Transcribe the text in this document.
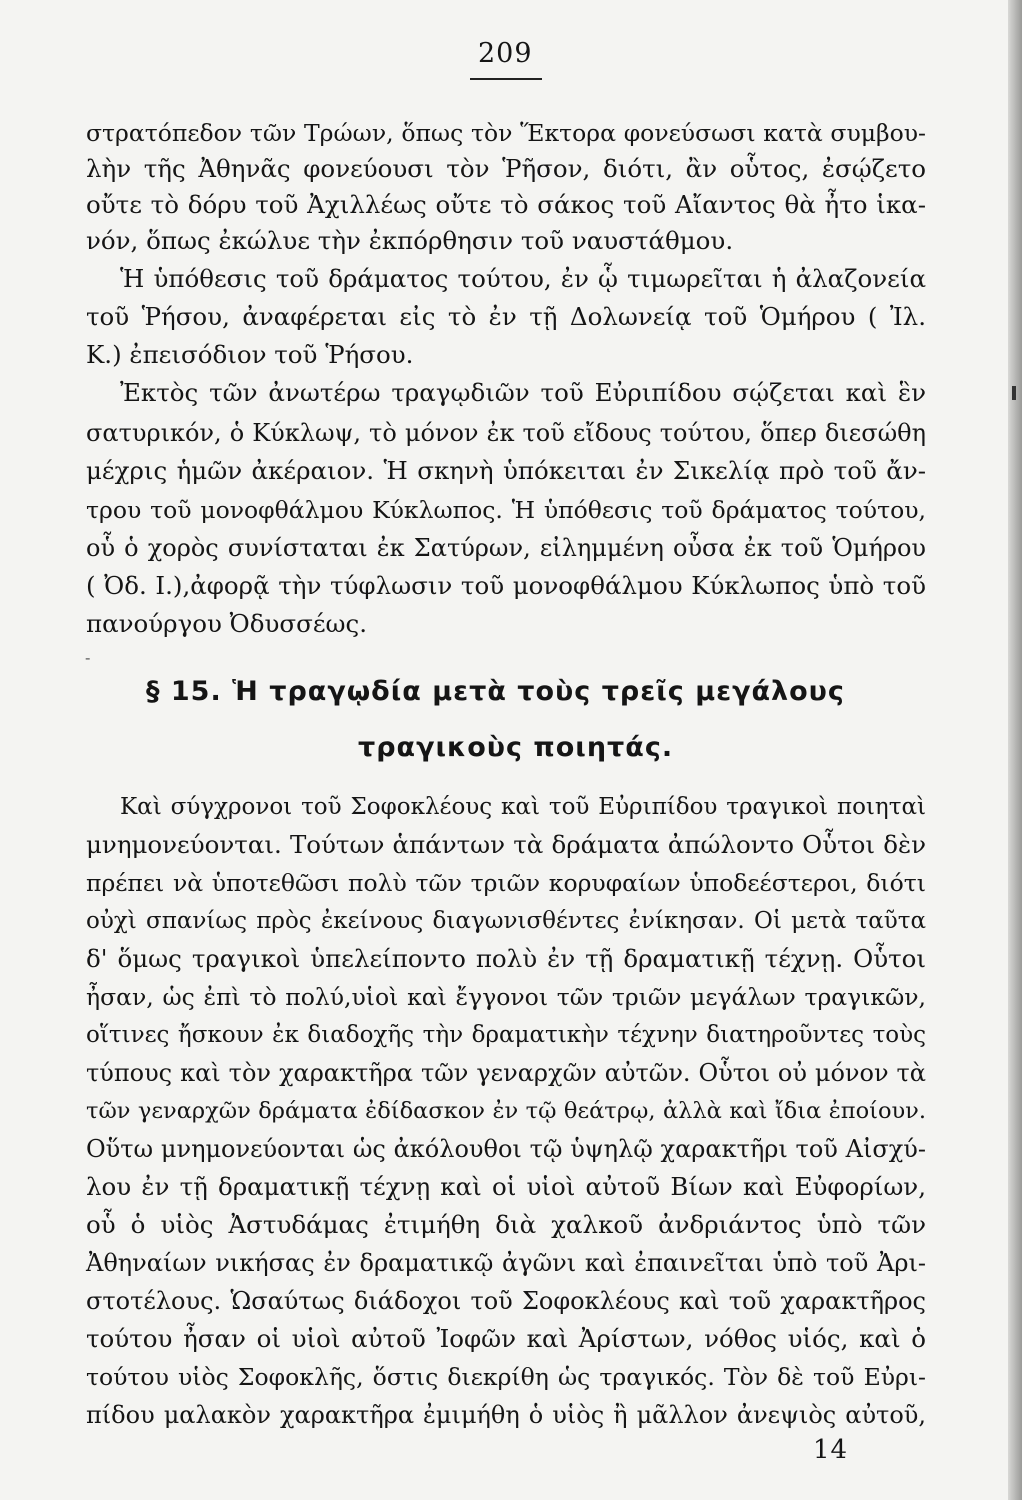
209
στρατόπεδον τῶν Τρώων, ὅπως τὸν Ἕκτορα φονεύσωσι κατὰ συμβου-
λὴν τῆς Ἀθηνᾶς φονεύουσι τὸν Ῥῆσον, διότι, ἂν οὗτος, ἐσῴζετο
οὔτε τὸ δόρυ τοῦ Ἀχιλλέως οὔτε τὸ σάκος τοῦ Αἴαντος θὰ ἦτο ἱκα-
νόν, ὅπως ἐκώλυε τὴν ἐκπόρθησιν τοῦ ναυστάθμου.
Ἡ ὑπόθεσις τοῦ δράματος τούτου, ἐν ᾧ τιμωρεῖται ἡ ἀλαζονεία
τοῦ Ῥήσου, ἀναφέρεται εἰς τὸ ἐν τῇ Δολωνείᾳ τοῦ Ὁμήρου ( Ἰλ.
Κ.) ἐπεισόδιον τοῦ Ῥήσου.
Ἐκτὸς τῶν ἀνωτέρω τραγῳδιῶν τοῦ Εὐριπίδου σῴζεται καὶ ἓν
σατυρικόν, ὁ Κύκλωψ, τὸ μόνον ἐκ τοῦ εἴδους τούτου, ὅπερ διεσώθη
μέχρις ἡμῶν ἀκέραιον. Ἡ σκηνὴ ὑπόκειται ἐν Σικελίᾳ πρὸ τοῦ ἄν-
τρου τοῦ μονοφθάλμου Κύκλωπος. Ἡ ὑπόθεσις τοῦ δράματος τούτου,
οὗ ὁ χορὸς συνίσταται ἐκ Σατύρων, εἰλημμένη οὖσα ἐκ τοῦ Ὁμήρου
( Ὀδ. Ι.),ἀφορᾷ τὴν τύφλωσιν τοῦ μονοφθάλμου Κύκλωπος ὑπὸ τοῦ
πανούργου Ὀδυσσέως.
-
§ 15. Ἡ τραγῳδία μετὰ τοὺς τρεῖς μεγάλους
τραγικοὺς ποιητάς.
Καὶ σύγχρονοι τοῦ Σοφοκλέους καὶ τοῦ Εὐριπίδου τραγικοὶ ποιηταὶ
μνημονεύονται. Τούτων ἁπάντων τὰ δράματα ἀπώλοντο Οὗτοι δὲν
πρέπει νὰ ὑποτεθῶσι πολὺ τῶν τριῶν κορυφαίων ὑποδεέστεροι, διότι
οὐχὶ σπανίως πρὸς ἐκείνους διαγωνισθέντες ἐνίκησαν. Οἱ μετὰ ταῦτα
δ' ὅμως τραγικοὶ ὑπελείποντο πολὺ ἐν τῇ δραματικῇ τέχνῃ. Οὗτοι
ἦσαν, ὡς ἐπὶ τὸ πολύ,υἱοὶ καὶ ἔγγονοι τῶν τριῶν μεγάλων τραγικῶν,
οἵτινες ἤσκουν ἐκ διαδοχῆς τὴν δραματικὴν τέχνην διατηροῦντες τοὺς
τύπους καὶ τὸν χαρακτῆρα τῶν γεναρχῶν αὐτῶν. Οὗτοι οὐ μόνον τὰ
τῶν γεναρχῶν δράματα ἐδίδασκον ἐν τῷ θεάτρῳ, ἀλλὰ καὶ ἴδια ἐποίουν.
Οὕτω μνημονεύονται ὡς ἀκόλουθοι τῷ ὑψηλῷ χαρακτῆρι τοῦ Αἰσχύ-
λου ἐν τῇ δραματικῇ τέχνῃ καὶ οἱ υἱοὶ αὐτοῦ Βίων καὶ Εὐφορίων,
οὗ ὁ υἱὸς Ἀστυδάμας ἐτιμήθη διὰ χαλκοῦ ἀνδριάντος ὑπὸ τῶν
Ἀθηναίων νικήσας ἐν δραματικῷ ἀγῶνι καὶ ἐπαινεῖται ὑπὸ τοῦ Ἀρι-
στοτέλους. Ὡσαύτως διάδοχοι τοῦ Σοφοκλέους καὶ τοῦ χαρακτῆρος
τούτου ἦσαν οἱ υἱοὶ αὐτοῦ Ἰοφῶν καὶ Ἀρίστων, νόθος υἱός, καὶ ὁ
τούτου υἱὸς Σοφοκλῆς, ὅστις διεκρίθη ὡς τραγικός. Τὸν δὲ τοῦ Εὐρι-
πίδου μαλακὸν χαρακτῆρα ἐμιμήθη ὁ υἱὸς ἢ μᾶλλον ἀνεψιὸς αὐτοῦ,
14
